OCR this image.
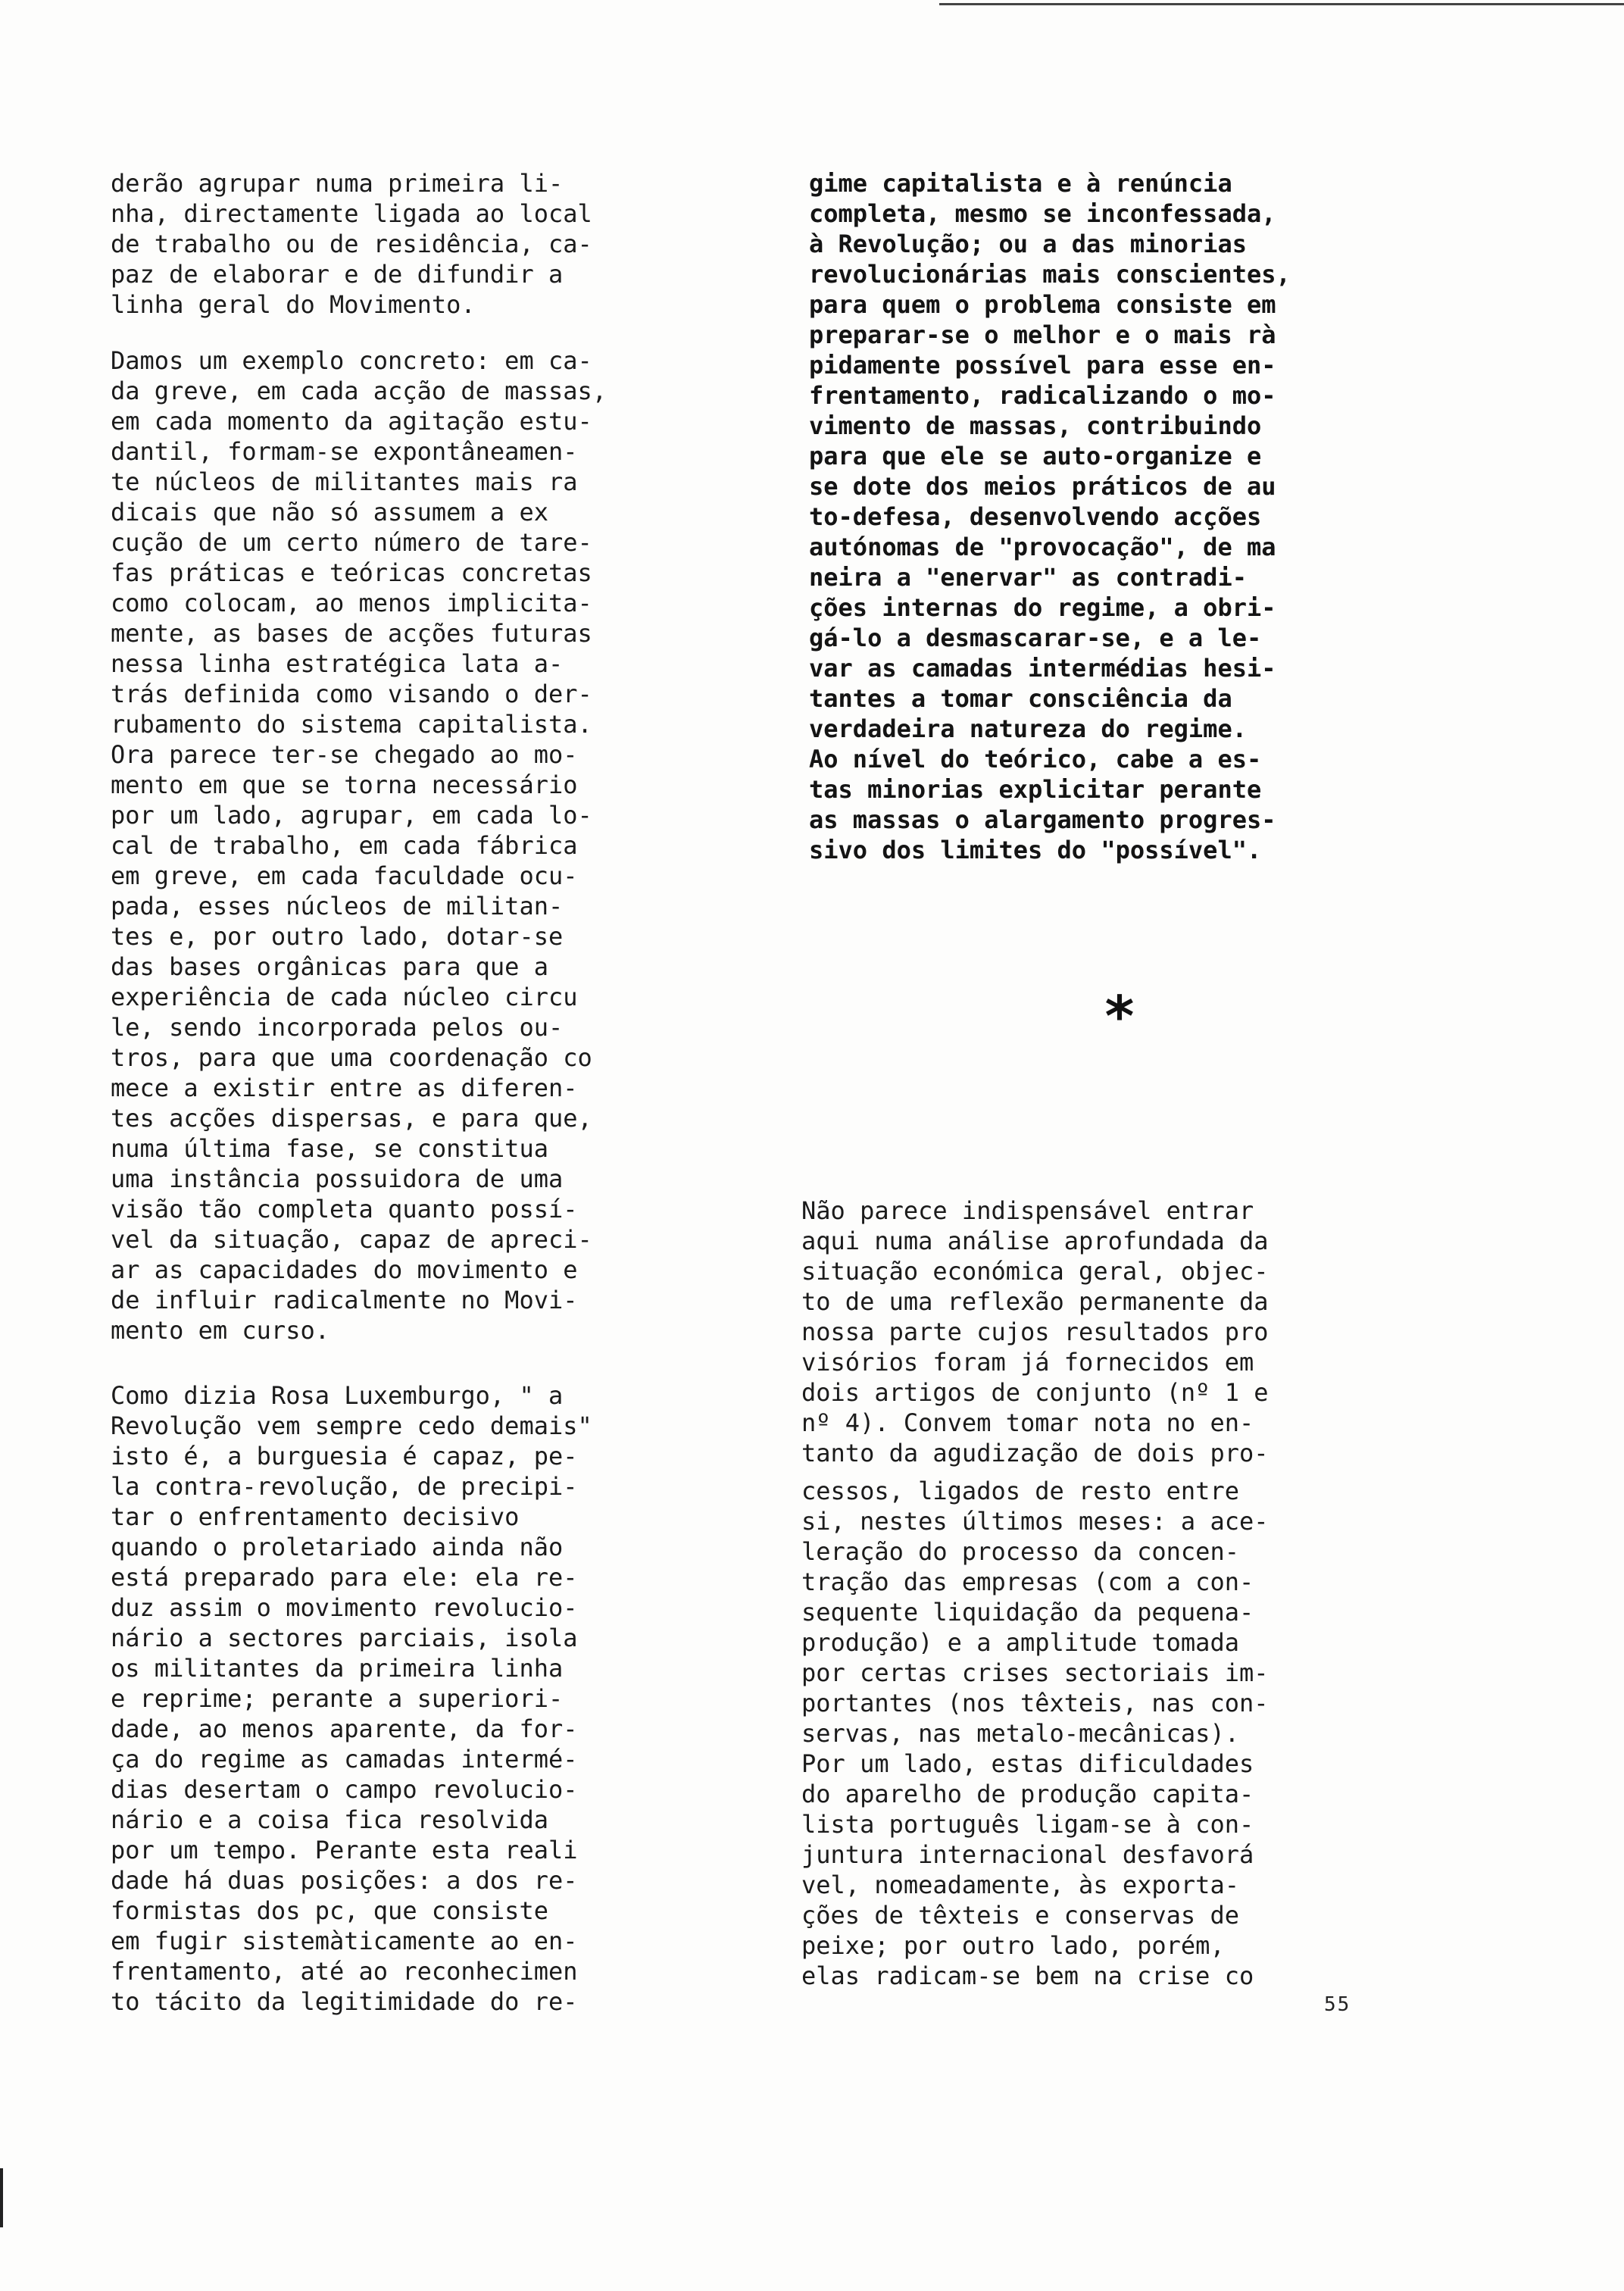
derão agrupar numa primeira li-
nha, directamente ligada ao local
de trabalho ou de residência, ca-
paz de elaborar e de difundir a
linha geral do Movimento.

Damos um exemplo concreto: em ca-
da greve, em cada acção de massas,
em cada momento da agitação estu-
dantil, formam-se expontâneamen-
te núcleos de militantes mais ra
dicais que não só assumem a ex
cução de um certo número de tare-
fas práticas e teóricas concretas
como colocam, ao menos implicita-
mente, as bases de acções futuras
nessa linha estratégica lata a-
trás definida como visando o der-
rubamento do sistema capitalista.
Ora parece ter-se chegado ao mo-
mento em que se torna necessário
por um lado, agrupar, em cada lo-
cal de trabalho, em cada fábrica
em greve, em cada faculdade ocu-
pada, esses núcleos de militan-
tes e, por outro lado, dotar-se
das bases orgânicas para que a
experiência de cada núcleo circu
le, sendo incorporada pelos ou-
tros, para que uma coordenação co
mece a existir entre as diferen-
tes acções dispersas, e para que,
numa última fase, se constitua
uma instância possuidora de uma
visão tão completa quanto possí-
vel da situação, capaz de apreci-
ar as capacidades do movimento e
de influir radicalmente no Movi-
mento em curso.

Como dizia Rosa Luxemburgo, " a
Revolução vem sempre cedo demais"
isto é, a burguesia é capaz, pe-
la contra-revolução, de precipi-
tar o enfrentamento decisivo
quando o proletariado ainda não
está preparado para ele: ela re-
duz assim o movimento revolucio-
nário a sectores parciais, isola
os militantes da primeira linha
e reprime; perante a superiori-
dade, ao menos aparente, da for-
ça do regime as camadas intermé-
dias desertam o campo revolucio-
nário e a coisa fica resolvida
por um tempo. Perante esta reali
dade há duas posições: a dos re-
formistas dos pc, que consiste
em fugir sistemàticamente ao en-
frentamento, até ao reconhecimen
to tácito da legitimidade do re-

gime capitalista e à renúncia
completa, mesmo se inconfessada,
à Revolução; ou a das minorias
revolucionárias mais conscientes,
para quem o problema consiste em
preparar-se o melhor e o mais rà
pidamente possível para esse en-
frentamento, radicalizando o mo-
vimento de massas, contribuindo
para que ele se auto-organize e
se dote dos meios práticos de au
to-defesa, desenvolvendo acções
autónomas de "provocação", de ma
neira a "enervar" as contradi-
ções internas do regime, a obri-
gá-lo a desmascarar-se, e a le-
var as camadas intermédias hesi-
tantes a tomar consciência da
verdadeira natureza do regime.
Ao nível do teórico, cabe a es-
tas minorias explicitar perante
as massas o alargamento progres-
sivo dos limites do "possível".

*

Não parece indispensável entrar
aqui numa análise aprofundada da
situação económica geral, objec-
to de uma reflexão permanente da
nossa parte cujos resultados pro
visórios foram já fornecidos em
dois artigos de conjunto (nº 1 e
nº 4). Convem tomar nota no en-
tanto da agudização de dois pro-

cessos, ligados de resto entre
si, nestes últimos meses: a ace-
leração do processo da concen-
tração das empresas (com a con-
sequente liquidação da pequena-
produção) e a amplitude tomada
por certas crises sectoriais im-
portantes (nos têxteis, nas con-
servas, nas metalo-mecânicas).
Por um lado, estas dificuldades
do aparelho de produção capita-
lista português ligam-se à con-
juntura internacional desfavorá
vel, nomeadamente, às exporta-
ções de têxteis e conservas de
peixe; por outro lado, porém,
elas radicam-se bem na crise co

55
